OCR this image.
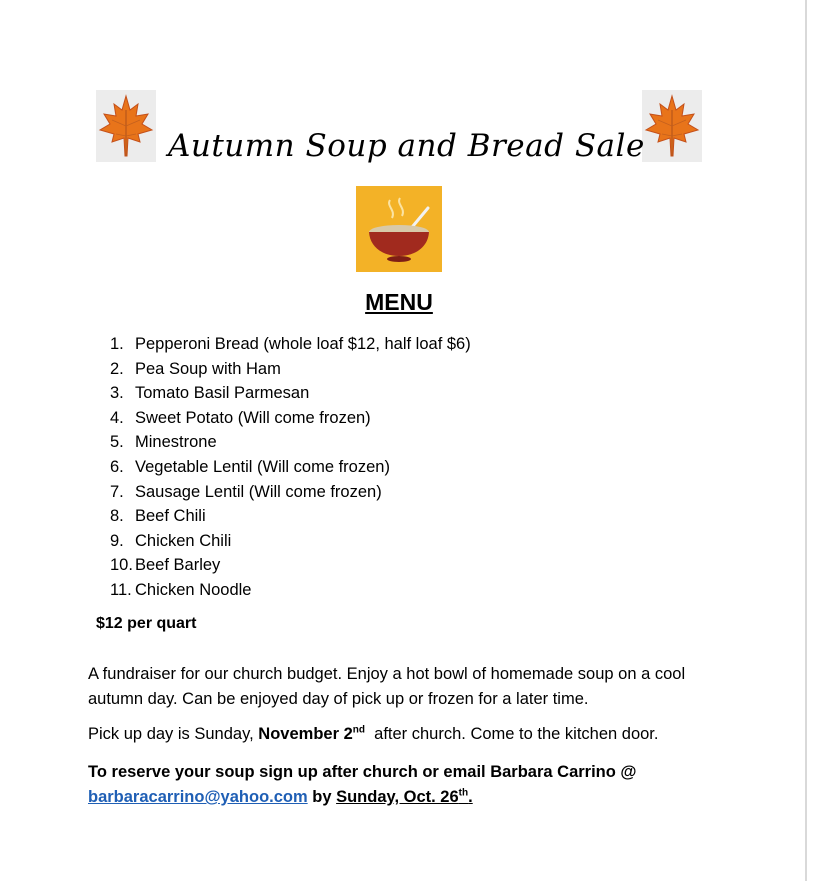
Autumn Soup and Bread Sale
MENU
1. Pepperoni Bread (whole loaf $12, half loaf $6)
2. Pea Soup with Ham
3. Tomato Basil Parmesan
4. Sweet Potato (Will come frozen)
5. Minestrone
6. Vegetable Lentil (Will come frozen)
7. Sausage Lentil (Will come frozen)
8. Beef Chili
9. Chicken Chili
10. Beef Barley
11. Chicken Noodle
$12 per quart

A fundraiser for our church budget. Enjoy a hot bowl of homemade soup on a cool autumn day. Can be enjoyed day of pick up or frozen for a later time.

Pick up day is Sunday, November 2nd  after church. Come to the kitchen door.

To reserve your soup sign up after church or email Barbara Carrino @ barbaracarrino@yahoo.com by Sunday, Oct. 26th.
